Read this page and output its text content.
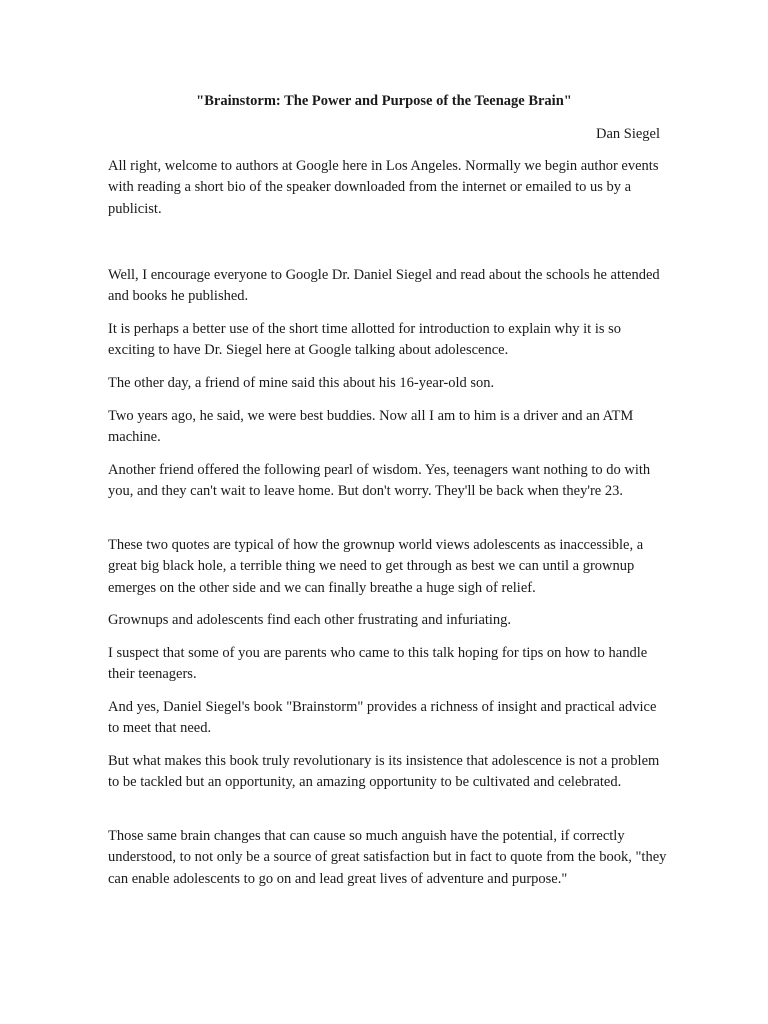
"Brainstorm: The Power and Purpose of the Teenage Brain"

Dan Siegel

All right, welcome to authors at Google here in Los Angeles. Normally we begin author events with reading a short bio of the speaker downloaded from the internet or emailed to us by a publicist.

Well, I encourage everyone to Google Dr. Daniel Siegel and read about the schools he attended and books he published.

It is perhaps a better use of the short time allotted for introduction to explain why it is so exciting to have Dr. Siegel here at Google talking about adolescence.

The other day, a friend of mine said this about his 16-year-old son.

Two years ago, he said, we were best buddies. Now all I am to him is a driver and an ATM machine.

Another friend offered the following pearl of wisdom. Yes, teenagers want nothing to do with you, and they can't wait to leave home. But don't worry. They'll be back when they're 23.

These two quotes are typical of how the grownup world views adolescents as inaccessible, a great big black hole, a terrible thing we need to get through as best we can until a grownup emerges on the other side and we can finally breathe a huge sigh of relief.

Grownups and adolescents find each other frustrating and infuriating.

I suspect that some of you are parents who came to this talk hoping for tips on how to handle their teenagers.

And yes, Daniel Siegel's book "Brainstorm" provides a richness of insight and practical advice to meet that need.

But what makes this book truly revolutionary is its insistence that adolescence is not a problem to be tackled but an opportunity, an amazing opportunity to be cultivated and celebrated.

Those same brain changes that can cause so much anguish have the potential, if correctly understood, to not only be a source of great satisfaction but in fact to quote from the book, "they can enable adolescents to go on and lead great lives of adventure and purpose."
